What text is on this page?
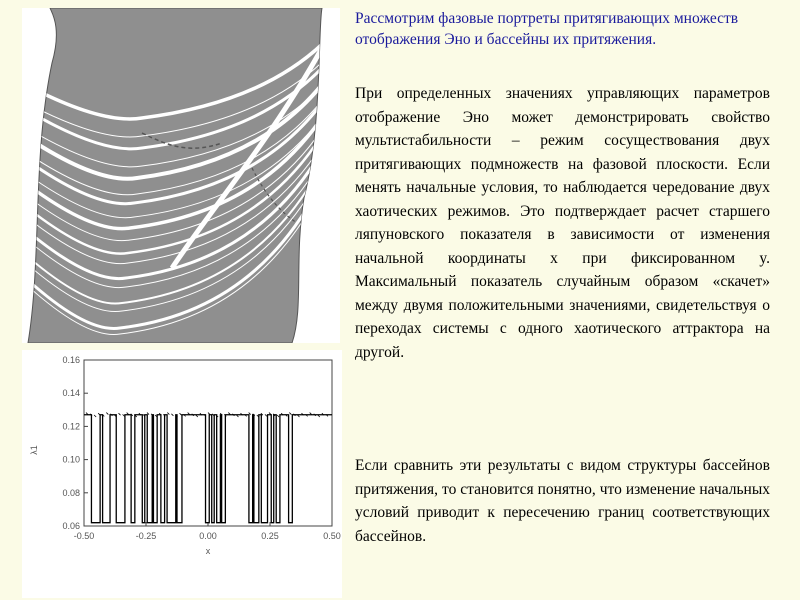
0.16
0.14
0.12
0.10
0.08
0.06
-0.50	-0.25	0.00	0.25	0.50
λ1
x
Рассмотрим фазовые портреты притягивающих множеств отображения Эно и бассейны их притяжения.
При определенных значениях управляющих параметров отображение Эно может демонстрировать свойство мультистабильности – режим сосуществования двух притягивающих подмножеств на фазовой плоскости. Если менять начальные условия, то наблюдается чередование двух хаотических режимов. Это подтверждает расчет старшего ляпуновского показателя в зависимости от изменения начальной координаты x при фиксированном y. Максимальный показатель случайным образом «скачет» между двумя положительными значениями, свидетельствуя о переходах системы с одного хаотического аттрактора на другой.
Если сравнить эти результаты с видом структуры бассейнов притяжения, то становится понятно, что изменение начальных условий приводит к пересечению границ соответствующих бассейнов.
